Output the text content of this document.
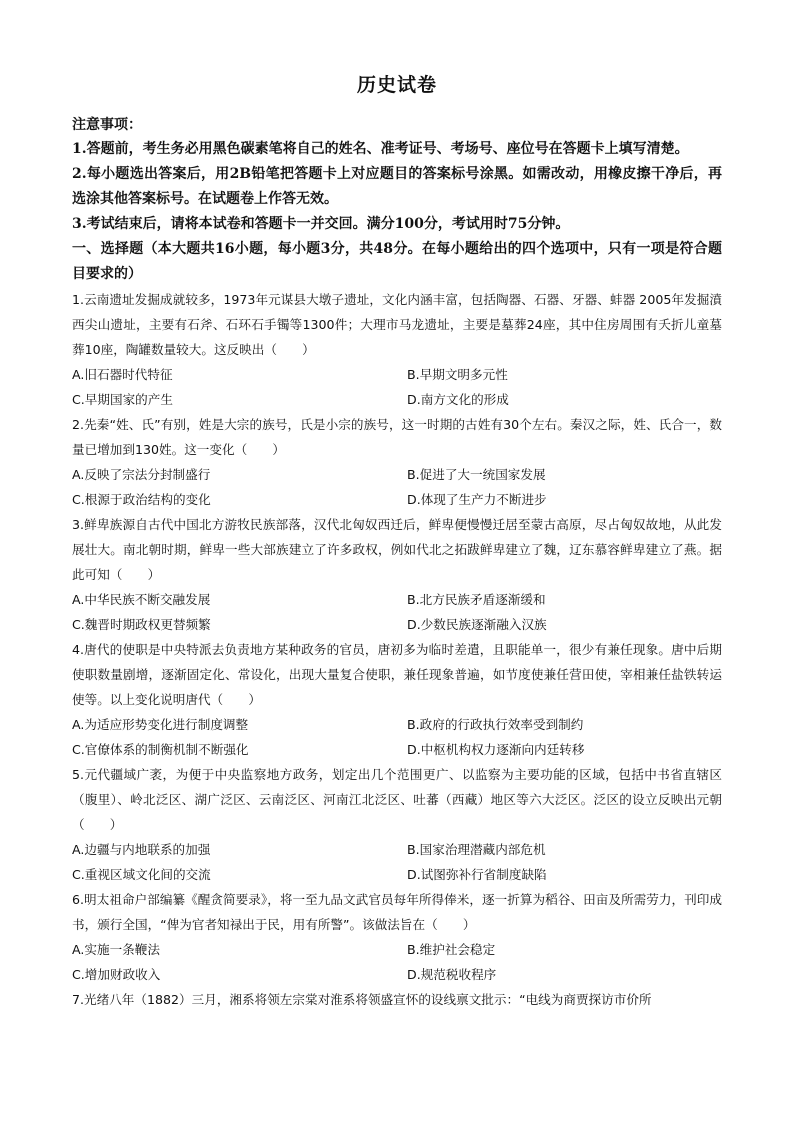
历史试卷
注意事项：
1.答题前，考生务必用黑色碳素笔将自己的姓名、准考证号、考场号、座位号在答题卡上填写清楚。
2.每小题选出答案后，用2B铅笔把答题卡上对应题目的答案标号涂黑。如需改动，用橡皮擦干净后，再选涂其他答案标号。在试题卷上作答无效。
3.考试结束后，请将本试卷和答题卡一并交回。满分100分，考试用时75分钟。
一、选择题（本大题共16小题，每小题3分，共48分。在每小题给出的四个选项中，只有一项是符合题目要求的）
1.云南遗址发掘成就较多，1973年元谋县大墩子遗址，文化内涵丰富，包括陶器、石器、牙器、蚌器 2005年发掘濆西尖山遗址，主要有石斧、石环石手镯等1300件；大理市马龙遗址，主要是墓葬24座，其中住房周围有夭折儿童墓葬10座，陶罐数量较大。这反映出（　　）
A.旧石器时代特征	B.早期文明多元性
C.早期国家的产生	D.南方文化的形成
2.先秦“姓、氏”有别，姓是大宗的族号，氏是小宗的族号，这一时期的古姓有30个左右。秦汉之际，姓、氏合一，数量已增加到130姓。这一变化（　　）
A.反映了宗法分封制盛行	B.促进了大一统国家发展
C.根源于政治结构的变化	D.体现了生产力不断进步
3.鲜卑族源自古代中国北方游牧民族部落，汉代北匈奴西迁后，鲜卑便慢慢迁居至蒙古高原，尽占匈奴故地，从此发展壮大。南北朝时期，鲜卑一些大部族建立了许多政权，例如代北之拓跋鲜卑建立了魏，辽东慕容鲜卑建立了燕。据此可知（　　）
A.中华民族不断交融发展	B.北方民族矛盾逐渐缓和
C.魏晋时期政权更替频繁	D.少数民族逐渐融入汉族
4.唐代的使职是中央特派去负责地方某种政务的官员，唐初多为临时差遣，且职能单一，很少有兼任现象。唐中后期使职数量剧增，逐渐固定化、常设化，出现大量复合使职，兼任现象普遍，如节度使兼任营田使，宰相兼任盐铁转运使等。以上变化说明唐代（　　）
A.为适应形势变化进行制度调整	B.政府的行政执行效率受到制约
C.官僚体系的制衡机制不断强化	D.中枢机构权力逐渐向内廷转移
5.元代疆域广袤，为便于中央监察地方政务，划定出几个范围更广、以监察为主要功能的区域，包括中书省直辖区（腹里）、岭北泛区、湖广泛区、云南泛区、河南江北泛区、吐蕃（西藏）地区等六大泛区。泛区的设立反映出元朝（　　）
A.边疆与内地联系的加强	B.国家治理潜藏内部危机
C.重视区域文化间的交流	D.试图弥补行省制度缺陷
6.明太祖命户部编纂《醒贪简要录》，将一至九品文武官员每年所得俸米，逐一折算为稻谷、田亩及所需劳力，刊印成书，颁行全国，“俾为官者知禄出于民，用有所警”。该做法旨在（　　）
A.实施一条鞭法	B.维护社会稳定
C.增加财政收入	D.规范税收程序
7.光绪八年（1882）三月，湘系将领左宗棠对淮系将领盛宣怀的设线禀文批示：“电线为商贾探访市价所
